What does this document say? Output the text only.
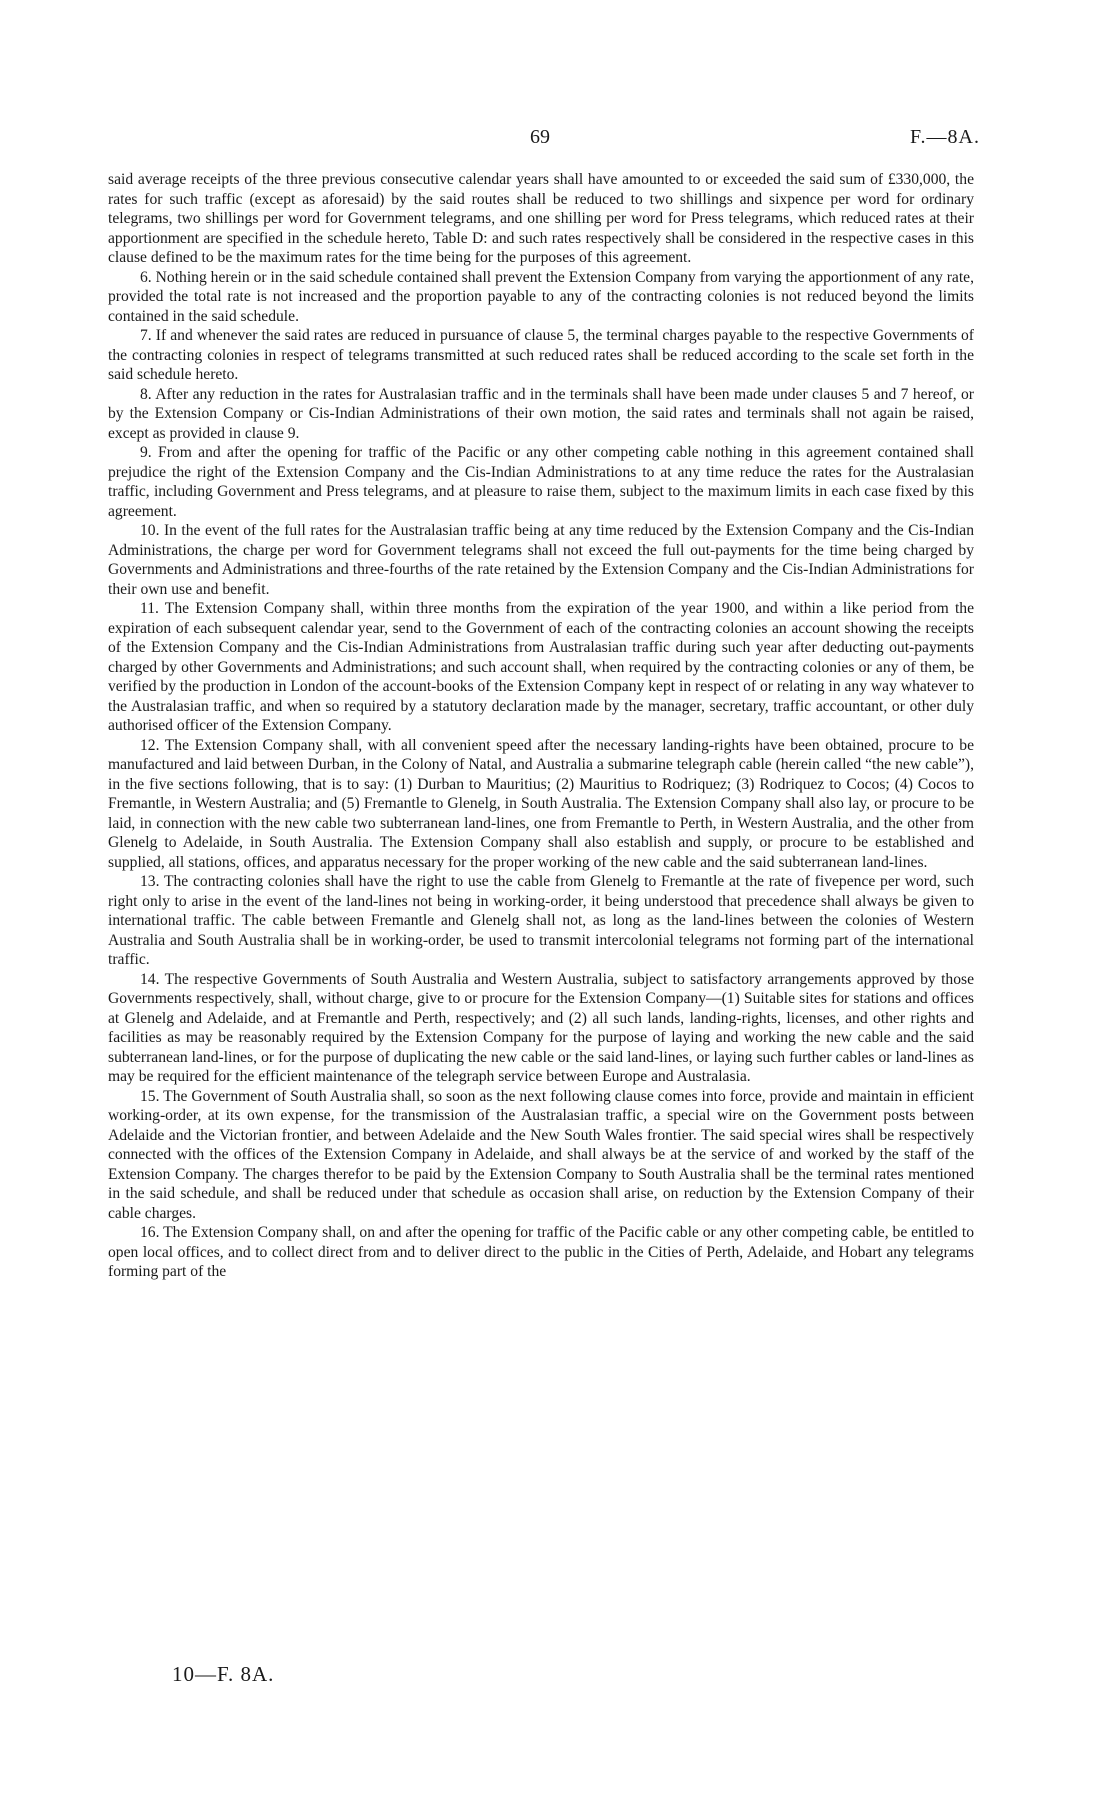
69	F.—8A.

said average receipts of the three previous consecutive calendar years shall have amounted to or exceeded the said sum of £330,000, the rates for such traffic (except as aforesaid) by the said routes shall be reduced to two shillings and sixpence per word for ordinary telegrams, two shillings per word for Government telegrams, and one shilling per word for Press telegrams, which reduced rates at their apportionment are specified in the schedule hereto, Table D: and such rates respectively shall be considered in the respective cases in this clause defined to be the maximum rates for the time being for the purposes of this agreement.

6. Nothing herein or in the said schedule contained shall prevent the Extension Company from varying the apportionment of any rate, provided the total rate is not increased and the proportion payable to any of the contracting colonies is not reduced beyond the limits contained in the said schedule.

7. If and whenever the said rates are reduced in pursuance of clause 5, the terminal charges payable to the respective Governments of the contracting colonies in respect of telegrams transmitted at such reduced rates shall be reduced according to the scale set forth in the said schedule hereto.

8. After any reduction in the rates for Australasian traffic and in the terminals shall have been made under clauses 5 and 7 hereof, or by the Extension Company or Cis-Indian Administrations of their own motion, the said rates and terminals shall not again be raised, except as provided in clause 9.

9. From and after the opening for traffic of the Pacific or any other competing cable nothing in this agreement contained shall prejudice the right of the Extension Company and the Cis-Indian Administrations to at any time reduce the rates for the Australasian traffic, including Government and Press telegrams, and at pleasure to raise them, subject to the maximum limits in each case fixed by this agreement.

10. In the event of the full rates for the Australasian traffic being at any time reduced by the Extension Company and the Cis-Indian Administrations, the charge per word for Government telegrams shall not exceed the full out-payments for the time being charged by Governments and Administrations and three-fourths of the rate retained by the Extension Company and the Cis-Indian Administrations for their own use and benefit.

11. The Extension Company shall, within three months from the expiration of the year 1900, and within a like period from the expiration of each subsequent calendar year, send to the Government of each of the contracting colonies an account showing the receipts of the Extension Company and the Cis-Indian Administrations from Australasian traffic during such year after deducting out-payments charged by other Governments and Administrations; and such account shall, when required by the contracting colonies or any of them, be verified by the production in London of the account-books of the Extension Company kept in respect of or relating in any way whatever to the Australasian traffic, and when so required by a statutory declaration made by the manager, secretary, traffic accountant, or other duly authorised officer of the Extension Company.

12. The Extension Company shall, with all convenient speed after the necessary landing-rights have been obtained, procure to be manufactured and laid between Durban, in the Colony of Natal, and Australia a submarine telegraph cable (herein called “the new cable”), in the five sections following, that is to say: (1) Durban to Mauritius; (2) Mauritius to Rodriquez; (3) Rodriquez to Cocos; (4) Cocos to Fremantle, in Western Australia; and (5) Fremantle to Glenelg, in South Australia. The Extension Company shall also lay, or procure to be laid, in connection with the new cable two subterranean land-lines, one from Fremantle to Perth, in Western Australia, and the other from Glenelg to Adelaide, in South Australia. The Extension Company shall also establish and supply, or procure to be established and supplied, all stations, offices, and apparatus necessary for the proper working of the new cable and the said subterranean land-lines.

13. The contracting colonies shall have the right to use the cable from Glenelg to Fremantle at the rate of fivepence per word, such right only to arise in the event of the land-lines not being in working-order, it being understood that precedence shall always be given to international traffic. The cable between Fremantle and Glenelg shall not, as long as the land-lines between the colonies of Western Australia and South Australia shall be in working-order, be used to transmit intercolonial telegrams not forming part of the international traffic.

14. The respective Governments of South Australia and Western Australia, subject to satisfactory arrangements approved by those Governments respectively, shall, without charge, give to or procure for the Extension Company—(1) Suitable sites for stations and offices at Glenelg and Adelaide, and at Fremantle and Perth, respectively; and (2) all such lands, landing-rights, licenses, and other rights and facilities as may be reasonably required by the Extension Company for the purpose of laying and working the new cable and the said subterranean land-lines, or for the purpose of duplicating the new cable or the said land-lines, or laying such further cables or land-lines as may be required for the efficient maintenance of the telegraph service between Europe and Australasia.

15. The Government of South Australia shall, so soon as the next following clause comes into force, provide and maintain in efficient working-order, at its own expense, for the transmission of the Australasian traffic, a special wire on the Government posts between Adelaide and the Victorian frontier, and between Adelaide and the New South Wales frontier. The said special wires shall be respectively connected with the offices of the Extension Company in Adelaide, and shall always be at the service of and worked by the staff of the Extension Company. The charges therefor to be paid by the Extension Company to South Australia shall be the terminal rates mentioned in the said schedule, and shall be reduced under that schedule as occasion shall arise, on reduction by the Extension Company of their cable charges.

16. The Extension Company shall, on and after the opening for traffic of the Pacific cable or any other competing cable, be entitled to open local offices, and to collect direct from and to deliver direct to the public in the Cities of Perth, Adelaide, and Hobart any telegrams forming part of the

10—F. 8A.
